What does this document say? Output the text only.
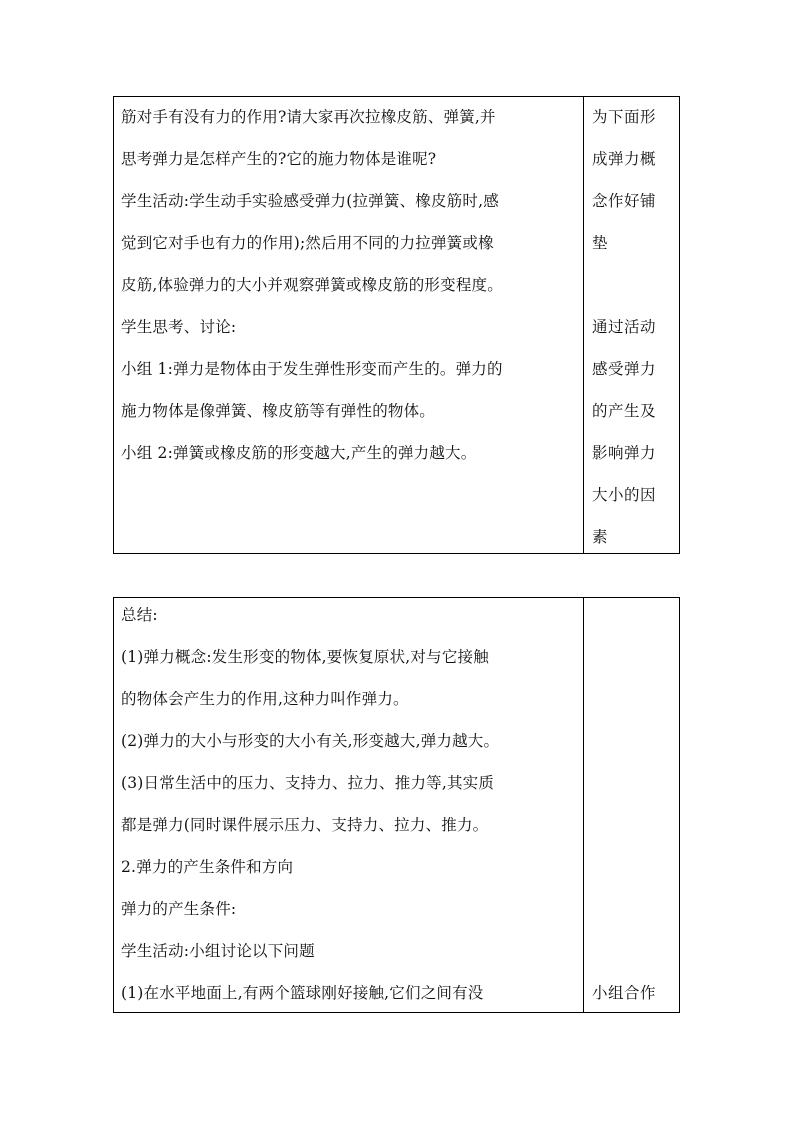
筋对手有没有力的作用?请大家再次拉橡皮筋、弹簧,并
思考弹力是怎样产生的?它的施力物体是谁呢?
学生活动:学生动手实验感受弹力(拉弹簧、橡皮筋时,感
觉到它对手也有力的作用);然后用不同的力拉弹簧或橡
皮筋,体验弹力的大小并观察弹簧或橡皮筋的形变程度。
学生思考、讨论:
小组 1:弹力是物体由于发生弹性形变而产生的。弹力的
施力物体是像弹簧、橡皮筋等有弹性的物体。
小组 2:弹簧或橡皮筋的形变越大,产生的弹力越大。
为下面形
成弹力概
念作好铺
垫
通过活动
感受弹力
的产生及
影响弹力
大小的因
素
总结:
(1)弹力概念:发生形变的物体,要恢复原状,对与它接触
的物体会产生力的作用,这种力叫作弹力。
(2)弹力的大小与形变的大小有关,形变越大,弹力越大。
(3)日常生活中的压力、支持力、拉力、推力等,其实质
都是弹力(同时课件展示压力、支持力、拉力、推力。
2.弹力的产生条件和方向
弹力的产生条件:
学生活动:小组讨论以下问题
(1)在水平地面上,有两个篮球刚好接触,它们之间有没	小组合作
